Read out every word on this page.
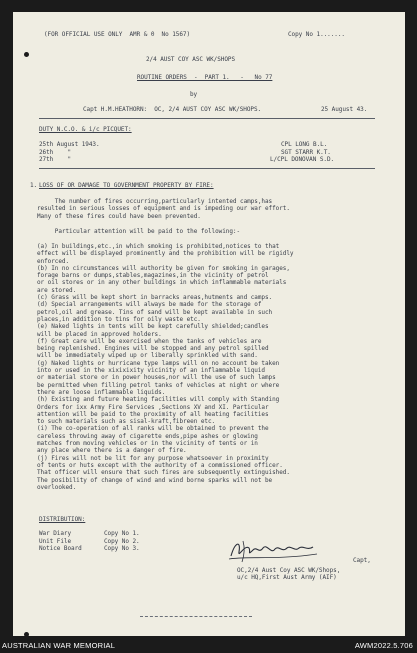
(FOR OFFICIAL USE ONLY  AMR & 0  No 1567)	Copy No 1.......
2/4 AUST COY ASC WK/SHOPS
ROUTINE ORDERS  -  PART 1.   -   No 77
by
Capt H.M.HEATHORN:  OC, 2/4 AUST COY ASC WK/SHOPS.	25 August 43.
DUTY N.C.O. & i/c PICQUET:
25th August 1943.	CPL LONG B.L.
26th    "	SGT STARR K.T.
27th    "	L/CPL DONOVAN S.D.
1. LOSS OF OR DAMAGE TO GOVERNMENT PROPERTY BY FIRE:
The number of fires occurring,particularly intented camps,has
resulted in serious losses of equipment and is impeding our war effort.
Many of these fires could have been prevented.
Particular attention will be paid to the following:-
(a) In buildings,etc.,in which smoking is prohibited,notices to that
effect will be displayed prominently and the prohibition will be rigidly
enforced.
(b) In no circumstances will authority be given for smoking in garages,
forage barns or dumps,stables,magazines,in the vicinity of petrol
or oil stores or in any other buildings in which inflammable materials
are stored.
(c) Grass will be kept short in barracks areas,hutments and camps.
(d) Special arrangements will always be made for the storage of
petrol,oil and grease. Tins of sand will be kept available in such
places,in addition to tins for oily waste etc.
(e) Naked lights in tents will be kept carefully shielded;candles
will be placed in approved holders.
(f) Great care will be exercised when the tanks of vehicles are
being replenished. Engines will be stopped and any petrol spilled
will be immediately wiped up or liberally sprinkled with sand.
(g) Naked lights or hurricane type lamps will on no account be taken
into or used in the xixixixity vicinity of an inflammable liquid
or material store or in power houses,nor will the use of such lamps
be permitted when filling petrol tanks of vehicles at night or where
there are loose inflammable liquids.
(h) Existing and future heating facilities will comply with Standing
Orders for ixx Army Fire Services ,Sections XV and XI. Particular
attention will be paid to the proximity of all heating facilities
to such materials such as sisal-kraft,fibreen etc.
(i) The co-operation of all ranks will be obtained to prevent the
careless throwing away of cigarette ends,pipe ashes or glowing
matches from moving vehicles or in the vicinity of tents or in
any place where there is a danger of fire.
(j) Fires will not be lit for any purpose whatsoever in proximity
of tents or huts except with the authority of a commissioned officer.
That officer will ensure that such fires are subsequently extinguished.
The posibility of change of wind and wind borne sparks will not be
overlooked.
DISTRIBUTION:
War Diary	Copy No 1.
Unit File	Copy No 2.
Notice Board	Copy No 3.
Capt,
OC,2/4 Aust Coy ASC WK/Shops,
u/c HQ,First Aust Army (AIF)
AUSTRALIAN WAR MEMORIAL	AWM2022.5.706
